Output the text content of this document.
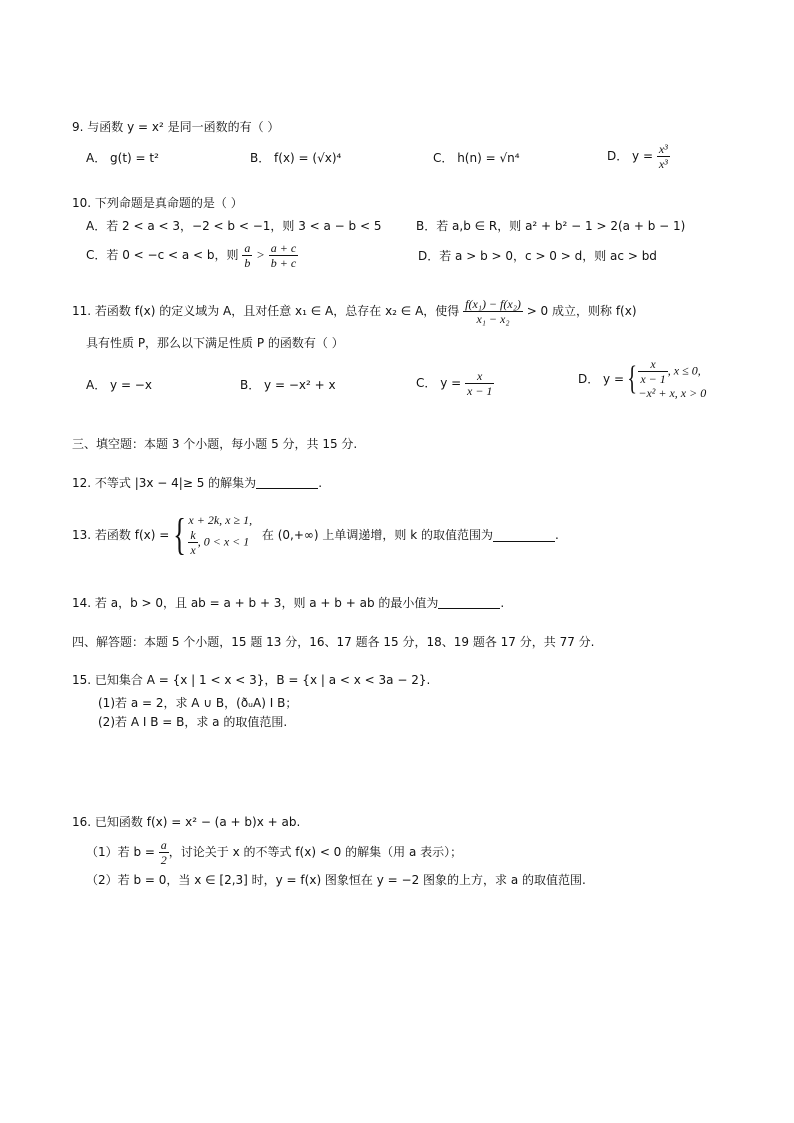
9. 与函数 y = x² 是同一函数的有（ ）
A． g(t) = t²	B． f(x) = (√x)⁴	C． h(n) = √n⁴	D． $y = \frac{\text{x³}}{\text{x³}}$
10. 下列命题是真命题的是（ ）
A．若 2 < a < 3，−2 < b < −1，则 3 < a − b < 5	B．若 a,b ∈ R，则 a² + b² − 1 > 2(a + b − 1)
C．若 0 < −c < a < b，则 $\frac{a}{b} > \frac{a + c}{b + c}$	D．若 a > b > 0，c > 0 > d，则 ac > bd
11. 若函数 f(x) 的定义域为 A，且对任意 x₁ ∈ A，总存在 x₂ ∈ A，使得 $\frac{\text{f(x₁) − f(x₂)}}{\text{x₁ − x₂}} > 0$ 成立，则称 f(x)
具有性质 P，那么以下满足性质 P 的函数有（ ）
A． y = −x	B． y = −x² + x	C． $y = \frac{x}{x - 1}$	D． y ={ $\frac{x}{x - 1}$ , x ≤ 0,
−x² + x, x > 0
三、填空题：本题 3 个小题，每小题 5 分，共 15 分.
12. 不等式 |3x − 4|≥ 5 的解集为	.
13. 若函数 f(x) ={ x + 2k, x ≥ 1,
$\frac{k}{x}$ , 0 < x < 1 在 (0,+∞) 上单调递增，则 k 的取值范围为	.
14. 若 a，b > 0，且 ab = a + b + 3，则 a + b + ab 的最小值为	.
四、解答题：本题 5 个小题，15 题 13 分，16、17 题各 15 分，18、19 题各 17 分，共 77 分.
15. 已知集合 A = {x | 1 < x < 3}，B = {x | a < x < 3a − 2}.
(1)若 a = 2，求 A ∪ B，(ðᵤA) I B；
(2)若 A I B = B，求 a 的取值范围.
16. 已知函数 f(x) = x² − (a + b)x + ab.
（1）若 $b = \frac{a}{2}$ ，讨论关于 x 的不等式 f(x) < 0 的解集（用 a 表示）；
（2）若 b = 0，当 x ∈ [2,3] 时，y = f(x) 图象恒在 y = −2 图象的上方，求 a 的取值范围.
